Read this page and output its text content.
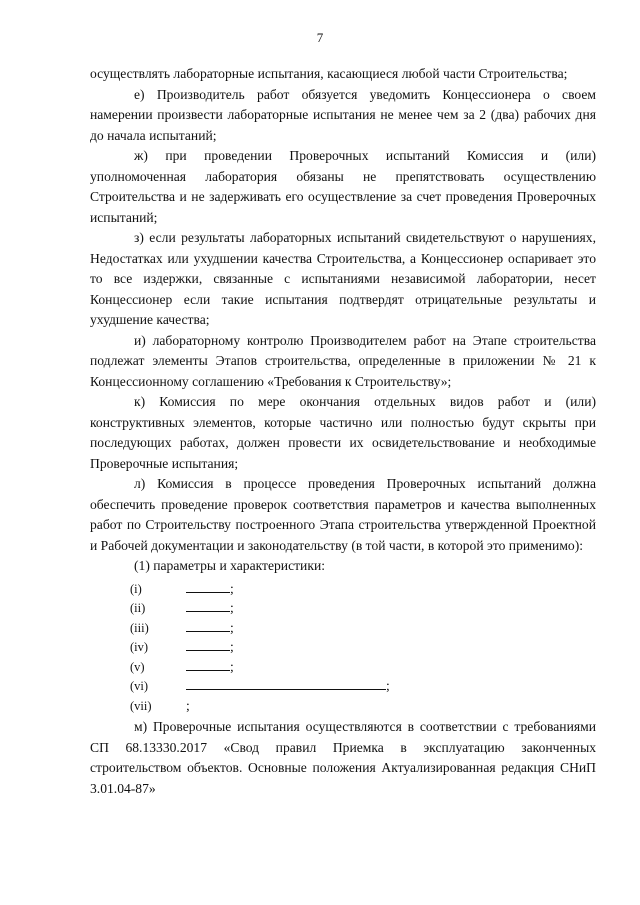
7

осуществлять лабораторные испытания, касающиеся любой части Строительства;

е) Производитель работ обязуется уведомить Концессионера о своем намерении произвести лабораторные испытания не менее чем за 2 (два) рабочих дня до начала испытаний;

ж) при проведении Проверочных испытаний Комиссия и (или) уполномоченная лаборатория обязаны не препятствовать осуществлению Строительства и не задерживать его осуществление за счет проведения Проверочных испытаний;

з) если результаты лабораторных испытаний свидетельствуют о нарушениях, Недостатках или ухудшении качества Строительства, а Концессионер оспаривает это то все издержки, связанные с испытаниями независимой лаборатории, несет Концессионер если такие испытания подтвердят отрицательные результаты и ухудшение качества;

и) лабораторному контролю Производителем работ на Этапе строительства подлежат элементы Этапов строительства, определенные в приложении № 21 к Концессионному соглашению «Требования к Строительству»;

к) Комиссия по мере окончания отдельных видов работ и (или) конструктивных элементов, которые частично или полностью будут скрыты при последующих работах, должен провести их освидетельствование и необходимые Проверочные испытания;

л) Комиссия в процессе проведения Проверочных испытаний должна обеспечить проведение проверок соответствия параметров и качества выполненных работ по Строительству построенного Этапа строительства утвержденной Проектной и Рабочей документации и законодательству (в той части, в которой это применимо):

(1) параметры и характеристики:

(i)	;
(ii)	;
(iii)	;
(iv)	;
(v)	;
(vi)	;
(vii)	;

м) Проверочные испытания осуществляются в соответствии с требованиями СП 68.13330.2017 «Свод правил Приемка в эксплуатацию законченных строительством объектов. Основные положения Актуализированная редакция СНиП 3.01.04-87»
